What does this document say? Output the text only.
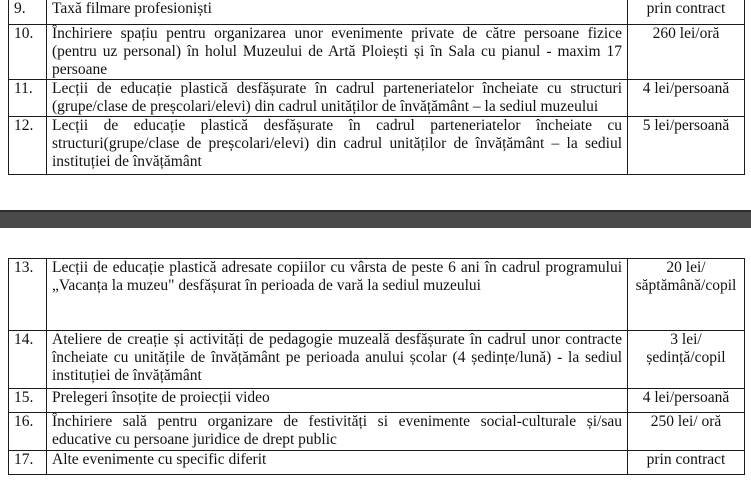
9.	Taxă filmare profesioniști	prin contract
10.	Închiriere spațiu pentru organizarea unor evenimente private de către persoane fizice (pentru uz personal) în holul Muzeului de Artă Ploiești și în Sala cu pianul - maxim 17 persoane	260 lei/oră
11.	Lecții de educație plastică desfășurate în cadrul parteneriatelor încheiate cu structuri (grupe/clase de preșcolari/elevi) din cadrul unităților de învățământ – la sediul muzeului	4 lei/persoană
12.	Lecții de educație plastică desfășurate în cadrul parteneriatelor încheiate cu structuri(grupe/clase de preșcolari/elevi) din cadrul unităților de învățământ – la sediul instituției de învățământ	5 lei/persoană
13.	Lecții de educație plastică adresate copiilor cu vârsta de peste 6 ani în cadrul programului „Vacanța la muzeu" desfășurat în perioada de vară la sediul muzeului	20 lei/ săptămână/copil
14.	Ateliere de creație și activități de pedagogie muzeală desfășurate în cadrul unor contracte încheiate cu unitățile de învățământ pe perioada anului școlar (4 ședințe/lună) - la sediul instituției de învățământ	3 lei/ ședință/copil
15.	Prelegeri însoțite de proiecții video	4 lei/persoană
16.	Închiriere sală pentru organizare de festivități si evenimente social-culturale și/sau educative cu persoane juridice de drept public	250 lei/ oră
17.	Alte evenimente cu specific diferit	prin contract
